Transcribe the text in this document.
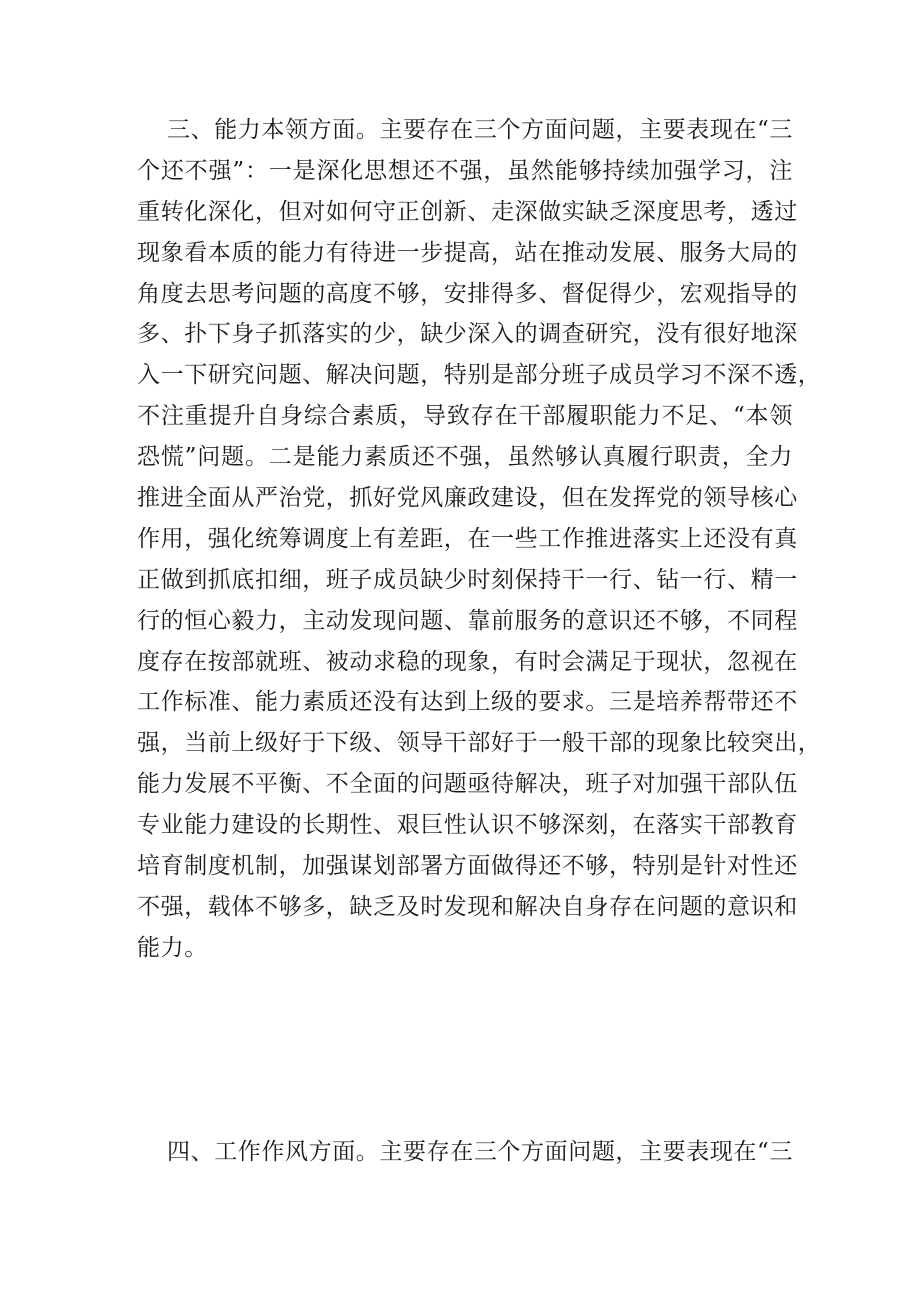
三、能力本领方面。主要存在三个方面问题，主要表现在“三
个还不强”：一是深化思想还不强，虽然能够持续加强学习，注
重转化深化，但对如何守正创新、走深做实缺乏深度思考，透过
现象看本质的能力有待进一步提高，站在推动发展、服务大局的
角度去思考问题的高度不够，安排得多、督促得少，宏观指导的
多、扑下身子抓落实的少，缺少深入的调查研究，没有很好地深
入一下研究问题、解决问题，特别是部分班子成员学习不深不透，
不注重提升自身综合素质，导致存在干部履职能力不足、“本领
恐慌”问题。二是能力素质还不强，虽然够认真履行职责，全力
推进全面从严治党，抓好党风廉政建设，但在发挥党的领导核心
作用，强化统筹调度上有差距，在一些工作推进落实上还没有真
正做到抓底扣细，班子成员缺少时刻保持干一行、钻一行、精一
行的恒心毅力，主动发现问题、靠前服务的意识还不够，不同程
度存在按部就班、被动求稳的现象，有时会满足于现状，忽视在
工作标准、能力素质还没有达到上级的要求。三是培养帮带还不
强，当前上级好于下级、领导干部好于一般干部的现象比较突出，
能力发展不平衡、不全面的问题亟待解决，班子对加强干部队伍
专业能力建设的长期性、艰巨性认识不够深刻，在落实干部教育
培育制度机制，加强谋划部署方面做得还不够，特别是针对性还
不强，载体不够多，缺乏及时发现和解决自身存在问题的意识和
能力。
四、工作作风方面。主要存在三个方面问题，主要表现在“三
